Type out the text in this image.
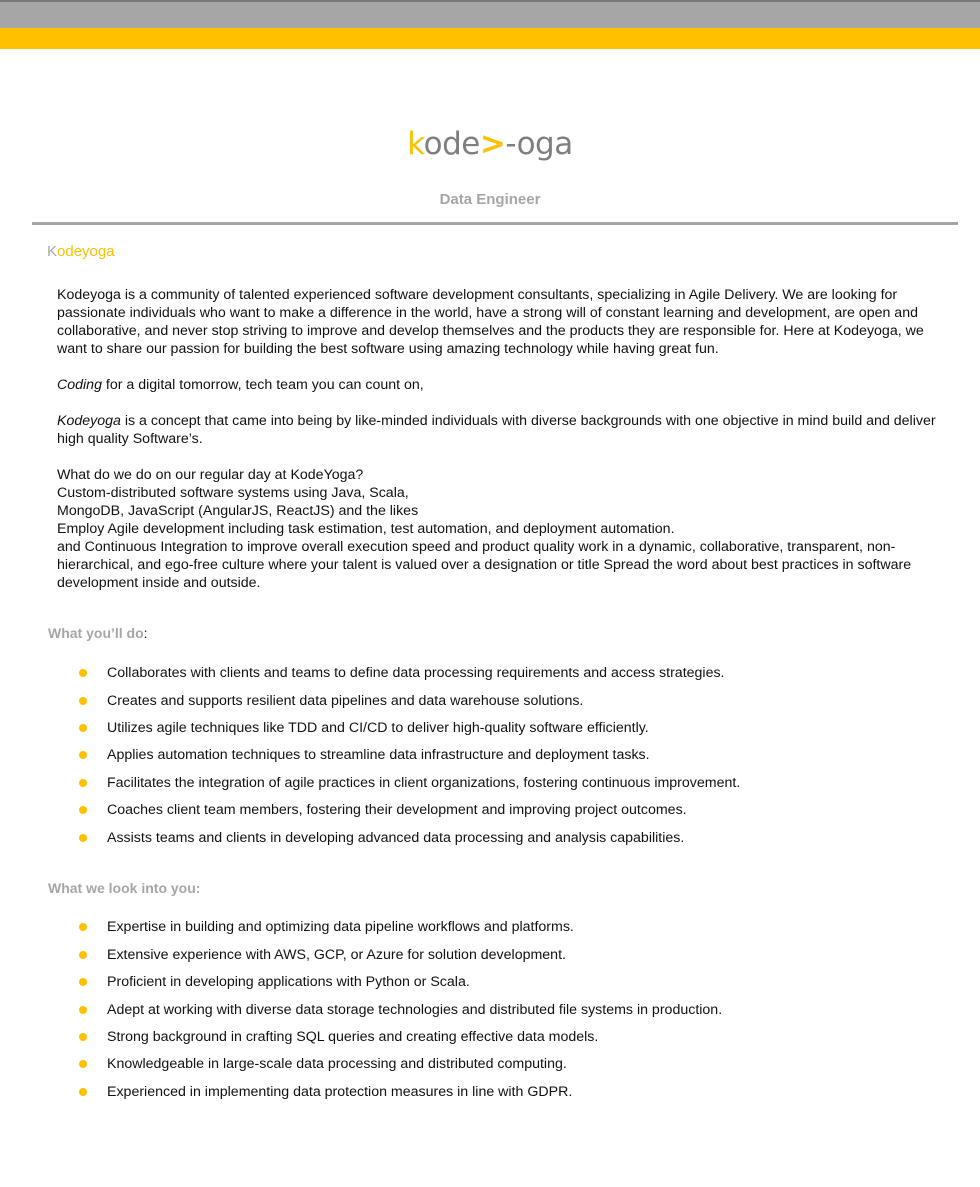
kode>-oga
Data Engineer
Kodeyoga

Kodeyoga is a community of talented experienced software development consultants, specializing in Agile Delivery. We are looking for passionate individuals who want to make a difference in the world, have a strong will of constant learning and development, are open and collaborative, and never stop striving to improve and develop themselves and the products they are responsible for. Here at Kodeyoga, we want to share our passion for building the best software using amazing technology while having great fun.

Coding for a digital tomorrow, tech team you can count on,

Kodeyoga is a concept that came into being by like-minded individuals with diverse backgrounds with one objective in mind build and deliver high quality Software’s.

What do we do on our regular day at KodeYoga?

Custom-distributed software systems using Java, Scala,

MongoDB, JavaScript (AngularJS, ReactJS) and the likes

Employ Agile development including task estimation, test automation, and deployment automation.

and Continuous Integration to improve overall execution speed and product quality work in a dynamic, collaborative, transparent, non-hierarchical, and ego-free culture where your talent is valued over a designation or title Spread the word about best practices in software development inside and outside.

What you’ll do:
Collaborates with clients and teams to define data processing requirements and access strategies.
Creates and supports resilient data pipelines and data warehouse solutions.
Utilizes agile techniques like TDD and CI/CD to deliver high-quality software efficiently.
Applies automation techniques to streamline data infrastructure and deployment tasks.
Facilitates the integration of agile practices in client organizations, fostering continuous improvement.
Coaches client team members, fostering their development and improving project outcomes.
Assists teams and clients in developing advanced data processing and analysis capabilities.
What we look into you:
Expertise in building and optimizing data pipeline workflows and platforms.
Extensive experience with AWS, GCP, or Azure for solution development.
Proficient in developing applications with Python or Scala.
Adept at working with diverse data storage technologies and distributed file systems in production.
Strong background in crafting SQL queries and creating effective data models.
Knowledgeable in large-scale data processing and distributed computing.
Experienced in implementing data protection measures in line with GDPR.
